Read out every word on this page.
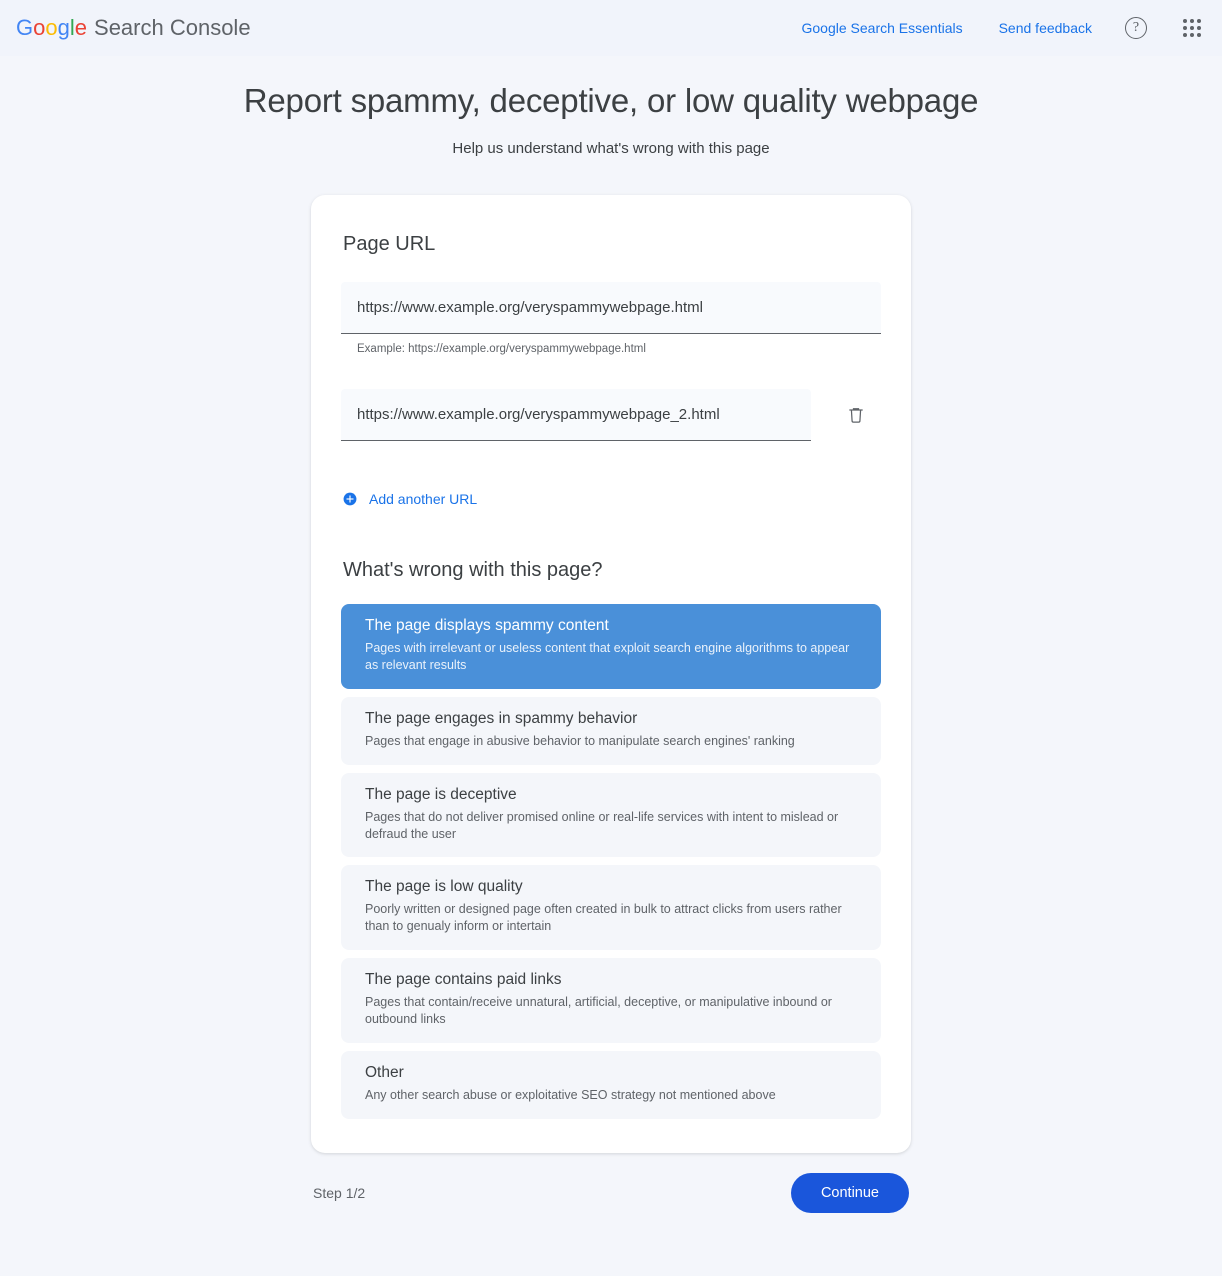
G o o g l e Search Console	Google Search Essentials	Send feedback	?
Report spammy, deceptive, or low quality webpage
Help us understand what's wrong with this page
Page URL
https://www.example.org/veryspammywebpage.html
Example: https://example.org/veryspammywebpage.html
https://www.example.org/veryspammywebpage_2.html
Add another URL
What's wrong with this page?
The page displays spammy content
Pages with irrelevant or useless content that exploit search engine algorithms to appear as relevant results
The page engages in spammy behavior
Pages that engage in abusive behavior to manipulate search engines' ranking
The page is deceptive
Pages that do not deliver promised online or real-life services with intent to mislead or defraud the user
The page is low quality
Poorly written or designed page often created in bulk to attract clicks from users rather than to genualy inform or intertain
The page contains paid links
Pages that contain/receive unnatural, artificial, deceptive, or manipulative inbound or outbound links
Other
Any other search abuse or exploitative SEO strategy not mentioned above
Step 1/2	Continue
